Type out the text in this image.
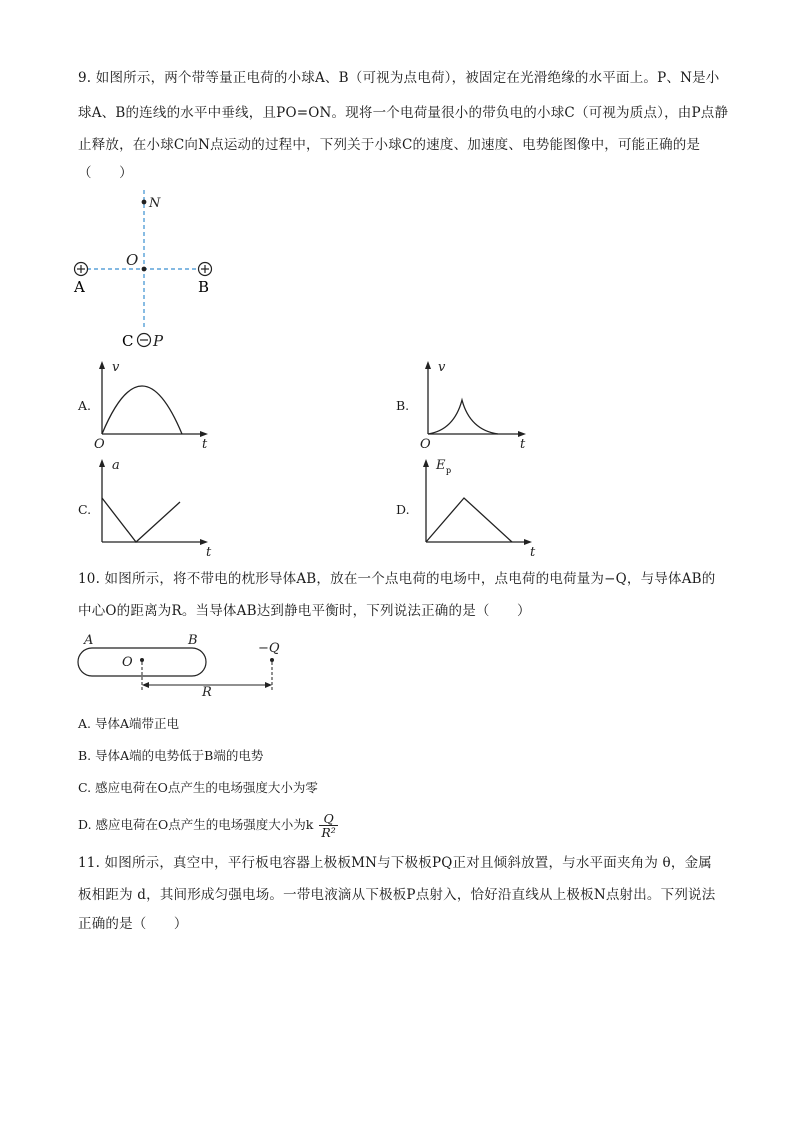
9. 如图所示，两个带等量正电荷的小球A、B（可视为点电荷），被固定在光滑绝缘的水平面上。P、N是小
球A、B的连线的水平中垂线，且PO=ON。现将一个电荷量很小的带负电的小球C（可视为质点），由P点静
止释放，在小球C向N点运动的过程中，下列关于小球C的速度、加速度、电势能图像中，可能正确的是
（　　）
N
O
A	B
C P
A.
v
t
O
B.
v
t
O
C.
a
t
D.
E p
t
10. 如图所示，将不带电的枕形导体AB，放在一个点电荷的电场中，点电荷的电荷量为−Q，与导体AB的
中心O的距离为R。当导体AB达到静电平衡时，下列说法正确的是（　　）
A	B
O
−Q
R
A. 导体A端带正电
B. 导体A端的电势低于B端的电势
C. 感应电荷在O点产生的电场强度大小为零
D. 感应电荷在O点产生的电场强度大小为k $\frac{Q}{\text{R²}}$
11. 如图所示，真空中，平行板电容器上极板MN与下极板PQ正对且倾斜放置，与水平面夹角为 θ，金属
板相距为 d，其间形成匀强电场。一带电液滴从下极板P点射入，恰好沿直线从上极板N点射出。下列说法
正确的是（　　）
